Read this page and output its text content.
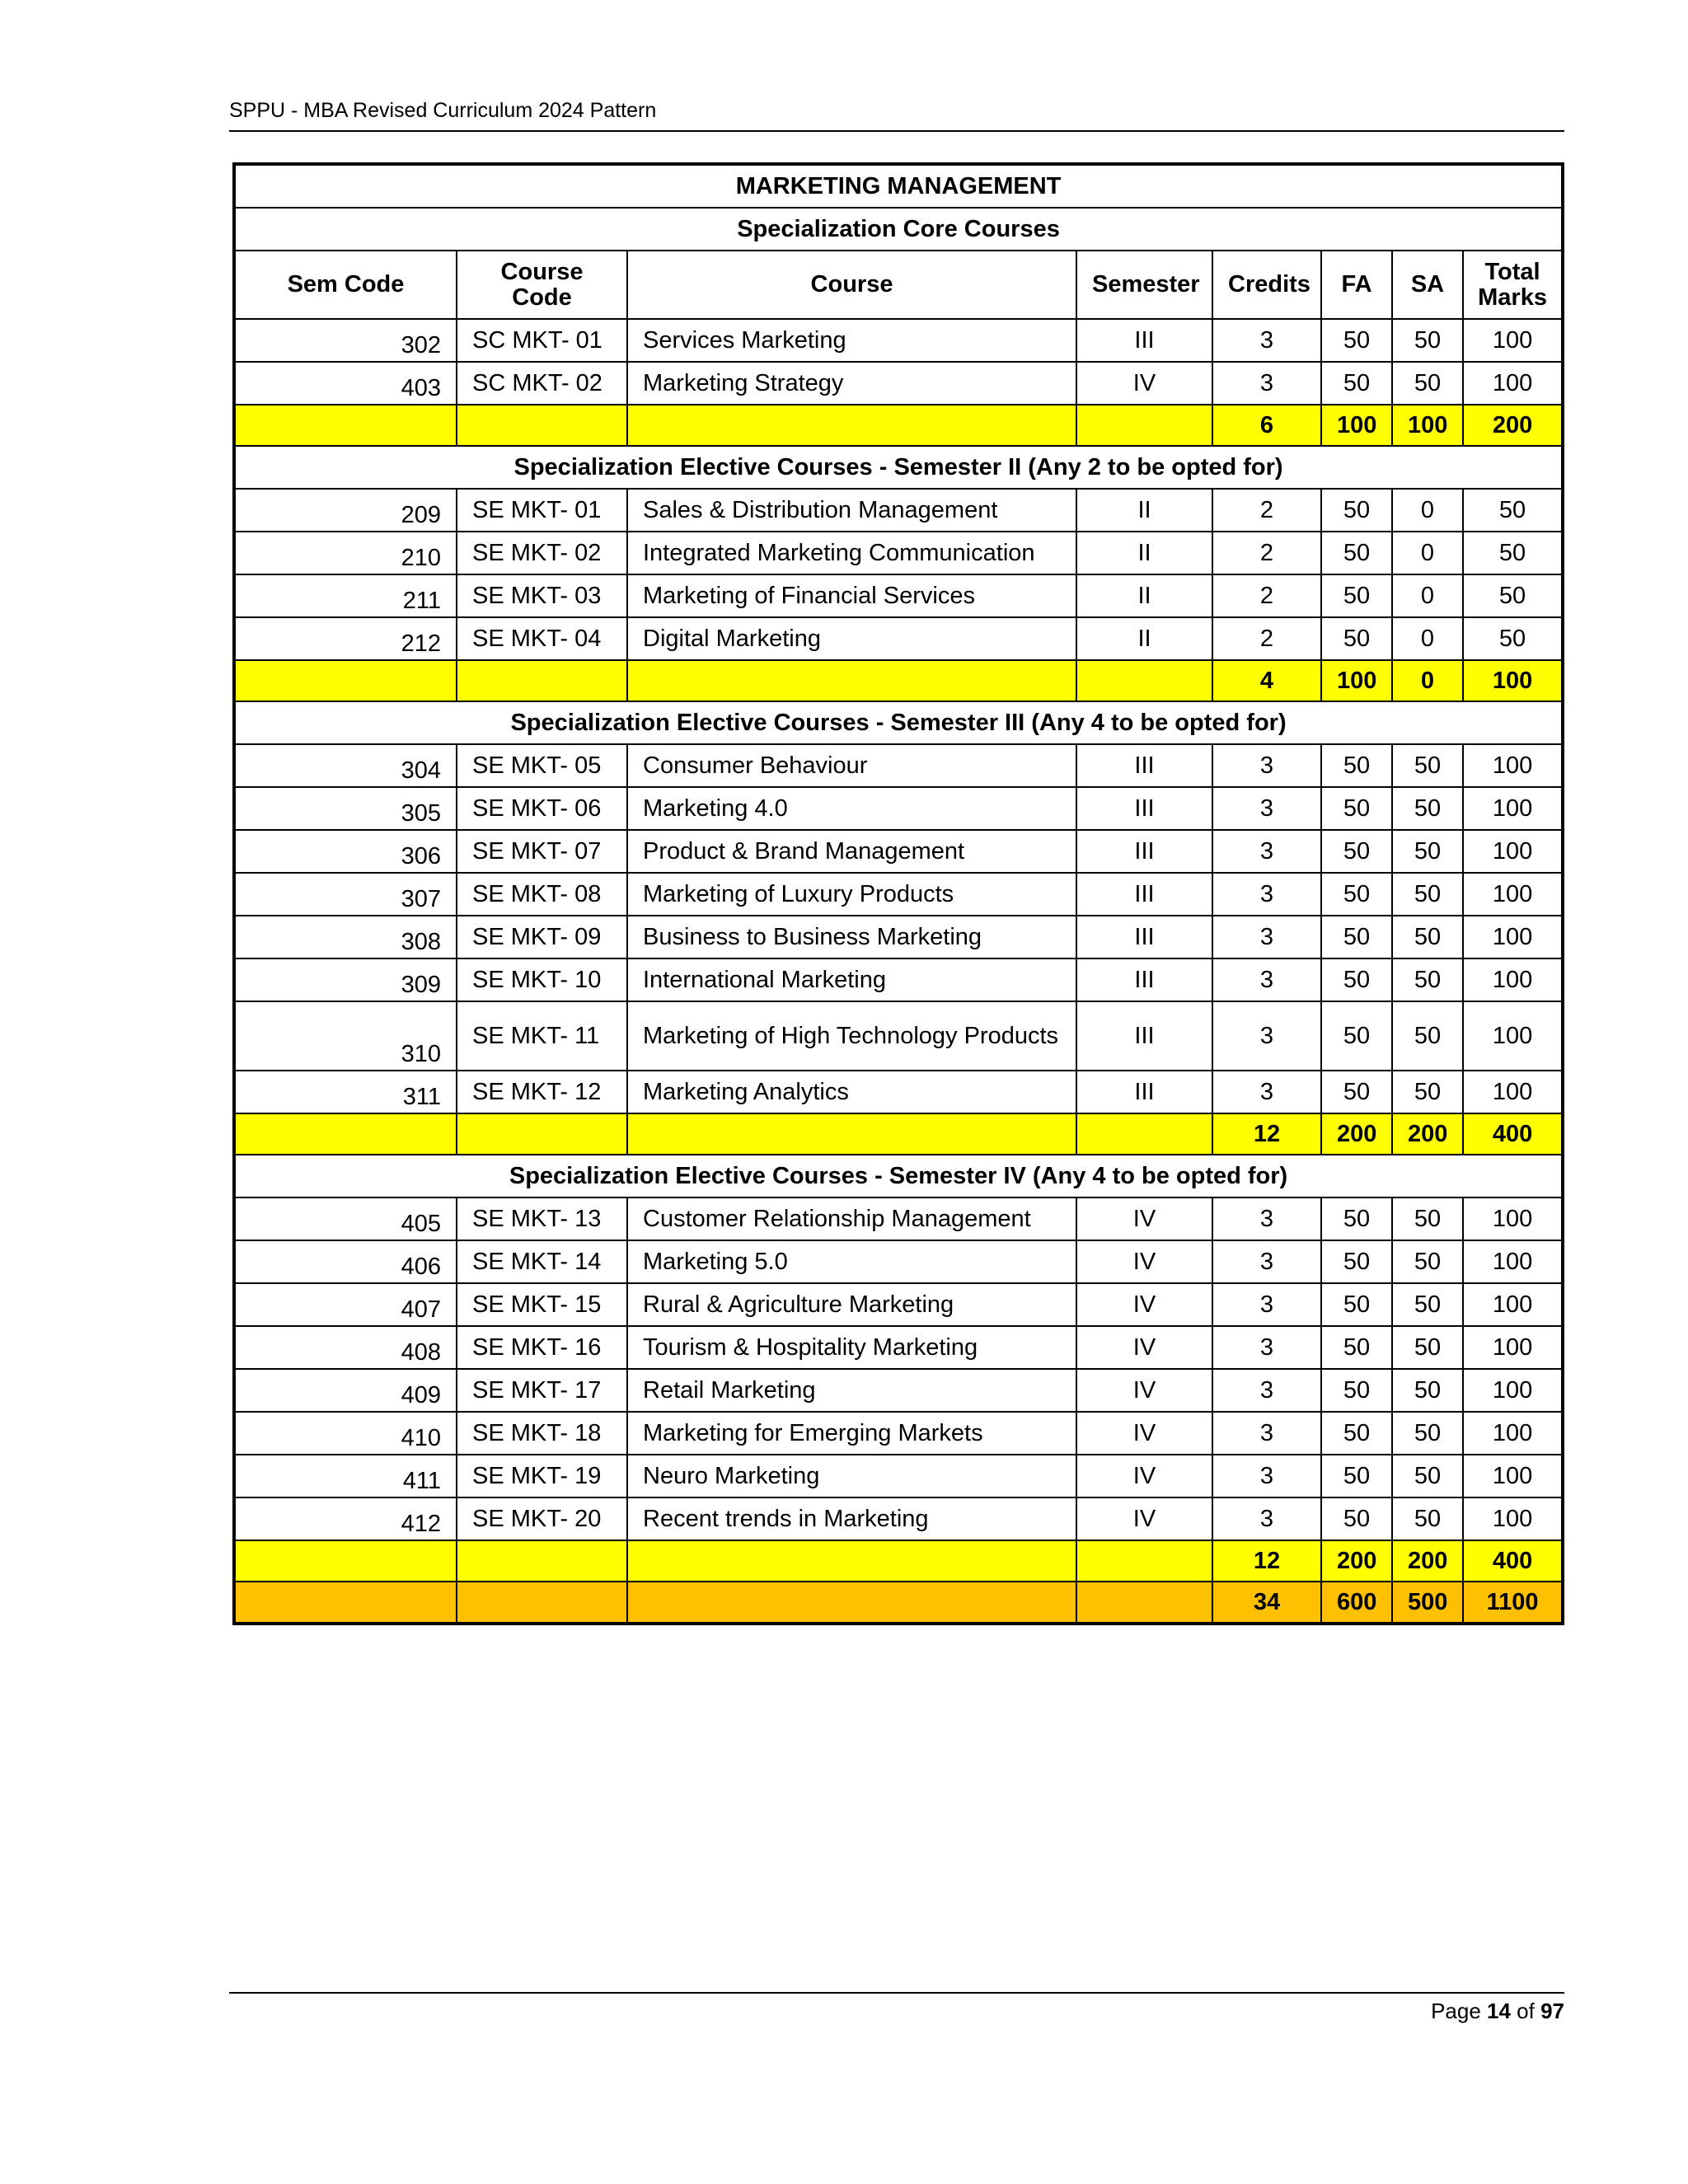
SPPU - MBA Revised Curriculum 2024 Pattern
MARKETING MANAGEMENT							
Specialization Core Courses							
Sem Code	Course Code	Course	Semester	Credits	FA	SA	Total Marks
302	SC MKT- 01	Services Marketing	III	3	50	50	100
403	SC MKT- 02	Marketing Strategy	IV	3	50	50	100
				6	100	100	200
Specialization Elective Courses - Semester II (Any 2 to be opted for)							
209	SE MKT- 01	Sales & Distribution Management	II	2	50	0	50
210	SE MKT- 02	Integrated Marketing Communication	II	2	50	0	50
211	SE MKT- 03	Marketing of Financial Services	II	2	50	0	50
212	SE MKT- 04	Digital Marketing	II	2	50	0	50
				4	100	0	100
Specialization Elective Courses - Semester III (Any 4 to be opted for)							
304	SE MKT- 05	Consumer Behaviour	III	3	50	50	100
305	SE MKT- 06	Marketing 4.0	III	3	50	50	100
306	SE MKT- 07	Product & Brand Management	III	3	50	50	100
307	SE MKT- 08	Marketing of Luxury Products	III	3	50	50	100
308	SE MKT- 09	Business to Business Marketing	III	3	50	50	100
309	SE MKT- 10	International Marketing	III	3	50	50	100
310	SE MKT- 11	Marketing of High Technology Products	III	3	50	50	100
311	SE MKT- 12	Marketing Analytics	III	3	50	50	100
				12	200	200	400
Specialization Elective Courses - Semester IV (Any 4 to be opted for)							
405	SE MKT- 13	Customer Relationship Management	IV	3	50	50	100
406	SE MKT- 14	Marketing 5.0	IV	3	50	50	100
407	SE MKT- 15	Rural & Agriculture Marketing	IV	3	50	50	100
408	SE MKT- 16	Tourism & Hospitality Marketing	IV	3	50	50	100
409	SE MKT- 17	Retail Marketing	IV	3	50	50	100
410	SE MKT- 18	Marketing for Emerging Markets	IV	3	50	50	100
411	SE MKT- 19	Neuro Marketing	IV	3	50	50	100
412	SE MKT- 20	Recent trends in Marketing	IV	3	50	50	100
				12	200	200	400
				34	600	500	1100
Page 14 of 97
